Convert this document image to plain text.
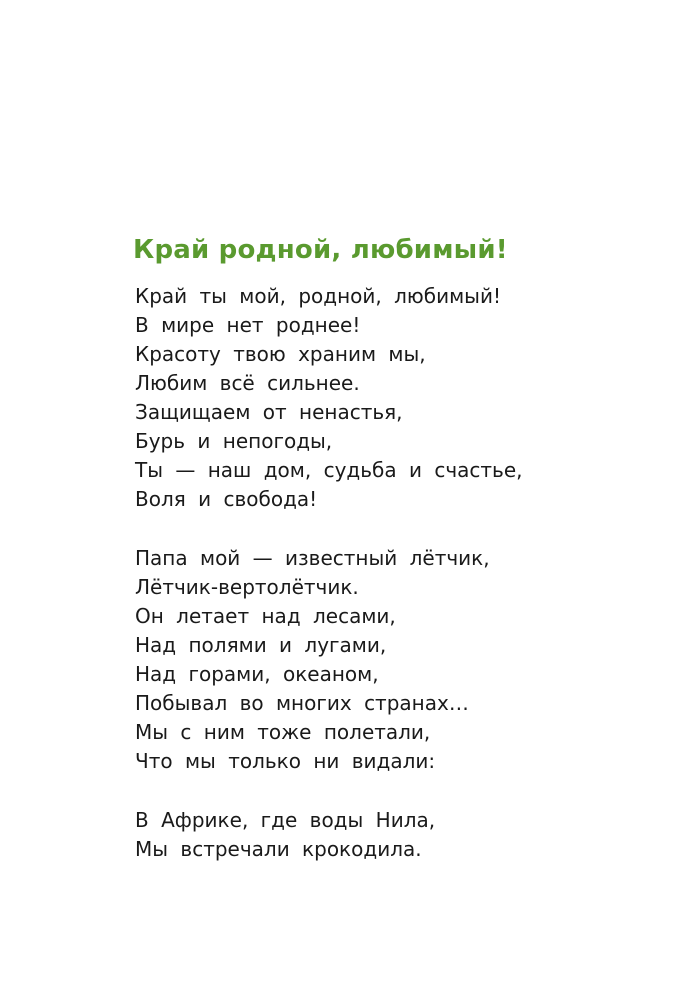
Край родной, любимый!
Край ты мой, родной, любимый!
В мире нет роднее!
Красоту твою храним мы,
Любим всё сильнее.
Защищаем от ненастья,
Бурь и непогоды,
Ты — наш дом, судьба и счастье,
Воля и свобода!
Папа мой — известный лётчик,
Лётчик-вертолётчик.
Он летает над лесами,
Над полями и лугами,
Над горами, океаном,
Побывал во многих странах…
Мы с ним тоже полетали,
Что мы только ни видали:
В Африке, где воды Нила,
Мы встречали крокодила.
